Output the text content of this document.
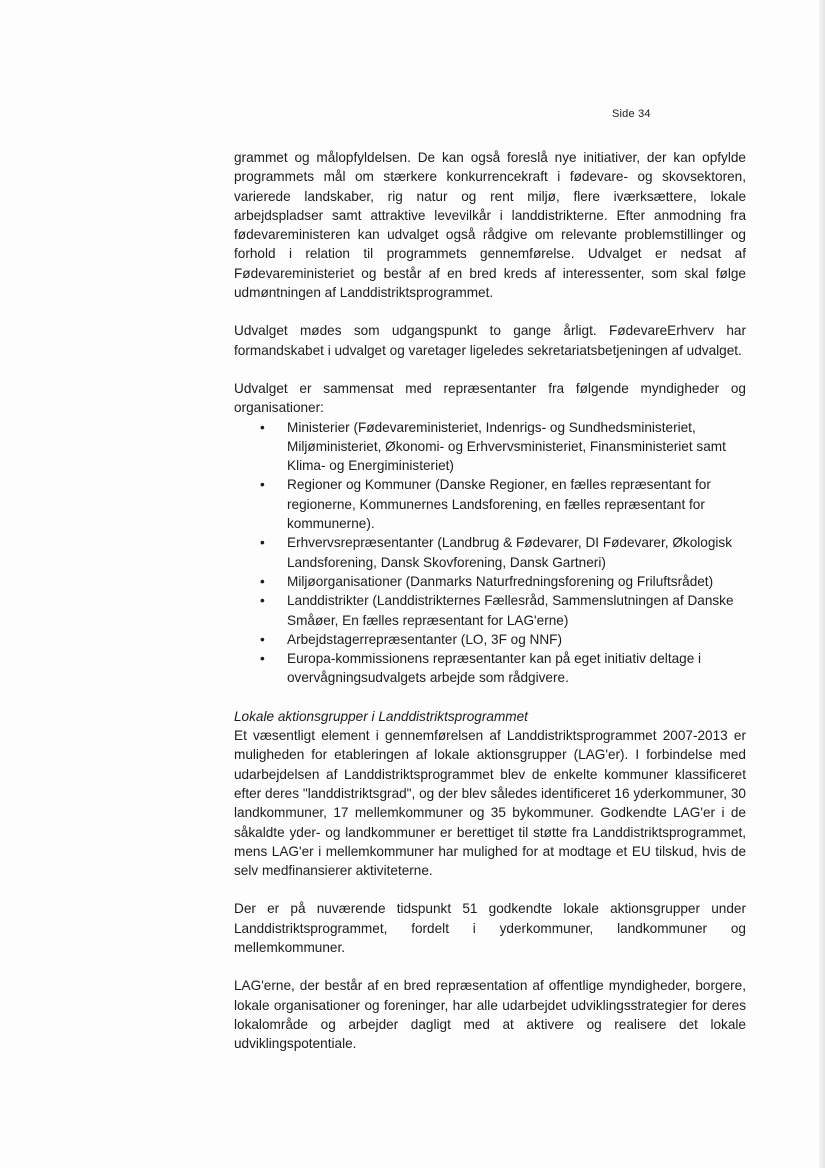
Side 34

grammet og målopfyldelsen. De kan også foreslå nye initiativer, der kan opfylde programmets mål om stærkere konkurrencekraft i fødevare- og skovsektoren, varierede landskaber, rig natur og rent miljø, flere iværksættere, lokale arbejdspladser samt attraktive levevilkår i landdistrikterne. Efter anmodning fra fødevareministeren kan udvalget også rådgive om relevante problemstillinger og forhold i relation til programmets gennemførelse. Udvalget er nedsat af Fødevareministeriet og består af en bred kreds af interessenter, som skal følge udmøntningen af Landdistriktsprogrammet.

Udvalget mødes som udgangspunkt to gange årligt. FødevareErhverv har formandskabet i udvalget og varetager ligeledes sekretariatsbetjeningen af udvalget.

Udvalget er sammensat med repræsentanter fra følgende myndigheder og organisationer:

• Ministerier (Fødevareministeriet, Indenrigs- og Sundhedsministeriet, Miljøministeriet, Økonomi- og Erhvervsministeriet, Finansministeriet samt Klima- og Energiministeriet)
• Regioner og Kommuner (Danske Regioner, en fælles repræsentant for regionerne, Kommunernes Landsforening, en fælles repræsentant for kommunerne).
• Erhvervsrepræsentanter (Landbrug & Fødevarer, DI Fødevarer, Økologisk Landsforening, Dansk Skovforening, Dansk Gartneri)
• Miljøorganisationer (Danmarks Naturfredningsforening og Friluftsrådet)
• Landdistrikter (Landdistrikternes Fællesråd, Sammenslutningen af Danske Småøer, En fælles repræsentant for LAG'erne)
• Arbejdstagerrepræsentanter (LO, 3F og NNF)
• Europa-kommissionens repræsentanter kan på eget initiativ deltage i overvågningsudvalgets arbejde som rådgivere.

Lokale aktionsgrupper i Landdistriktsprogrammet

Et væsentligt element i gennemførelsen af Landdistriktsprogrammet 2007-2013 er muligheden for etableringen af lokale aktionsgrupper (LAG'er). I forbindelse med udarbejdelsen af Landdistriktsprogrammet blev de enkelte kommuner klassificeret efter deres "landdistriktsgrad", og der blev således identificeret 16 yderkommuner, 30 landkommuner, 17 mellemkommuner og 35 bykommuner. Godkendte LAG'er i de såkaldte yder- og landkommuner er berettiget til støtte fra Landdistriktsprogrammet, mens LAG'er i mellemkommuner har mulighed for at modtage et EU tilskud, hvis de selv medfinansierer aktiviteterne.

Der er på nuværende tidspunkt 51 godkendte lokale aktionsgrupper under Landdistriktsprogrammet, fordelt i yderkommuner, landkommuner og mellemkommuner.

LAG'erne, der består af en bred repræsentation af offentlige myndigheder, borgere, lokale organisationer og foreninger, har alle udarbejdet udviklingsstrategier for deres lokalområde og arbejder dagligt med at aktivere og realisere det lokale udviklingspotentiale.
